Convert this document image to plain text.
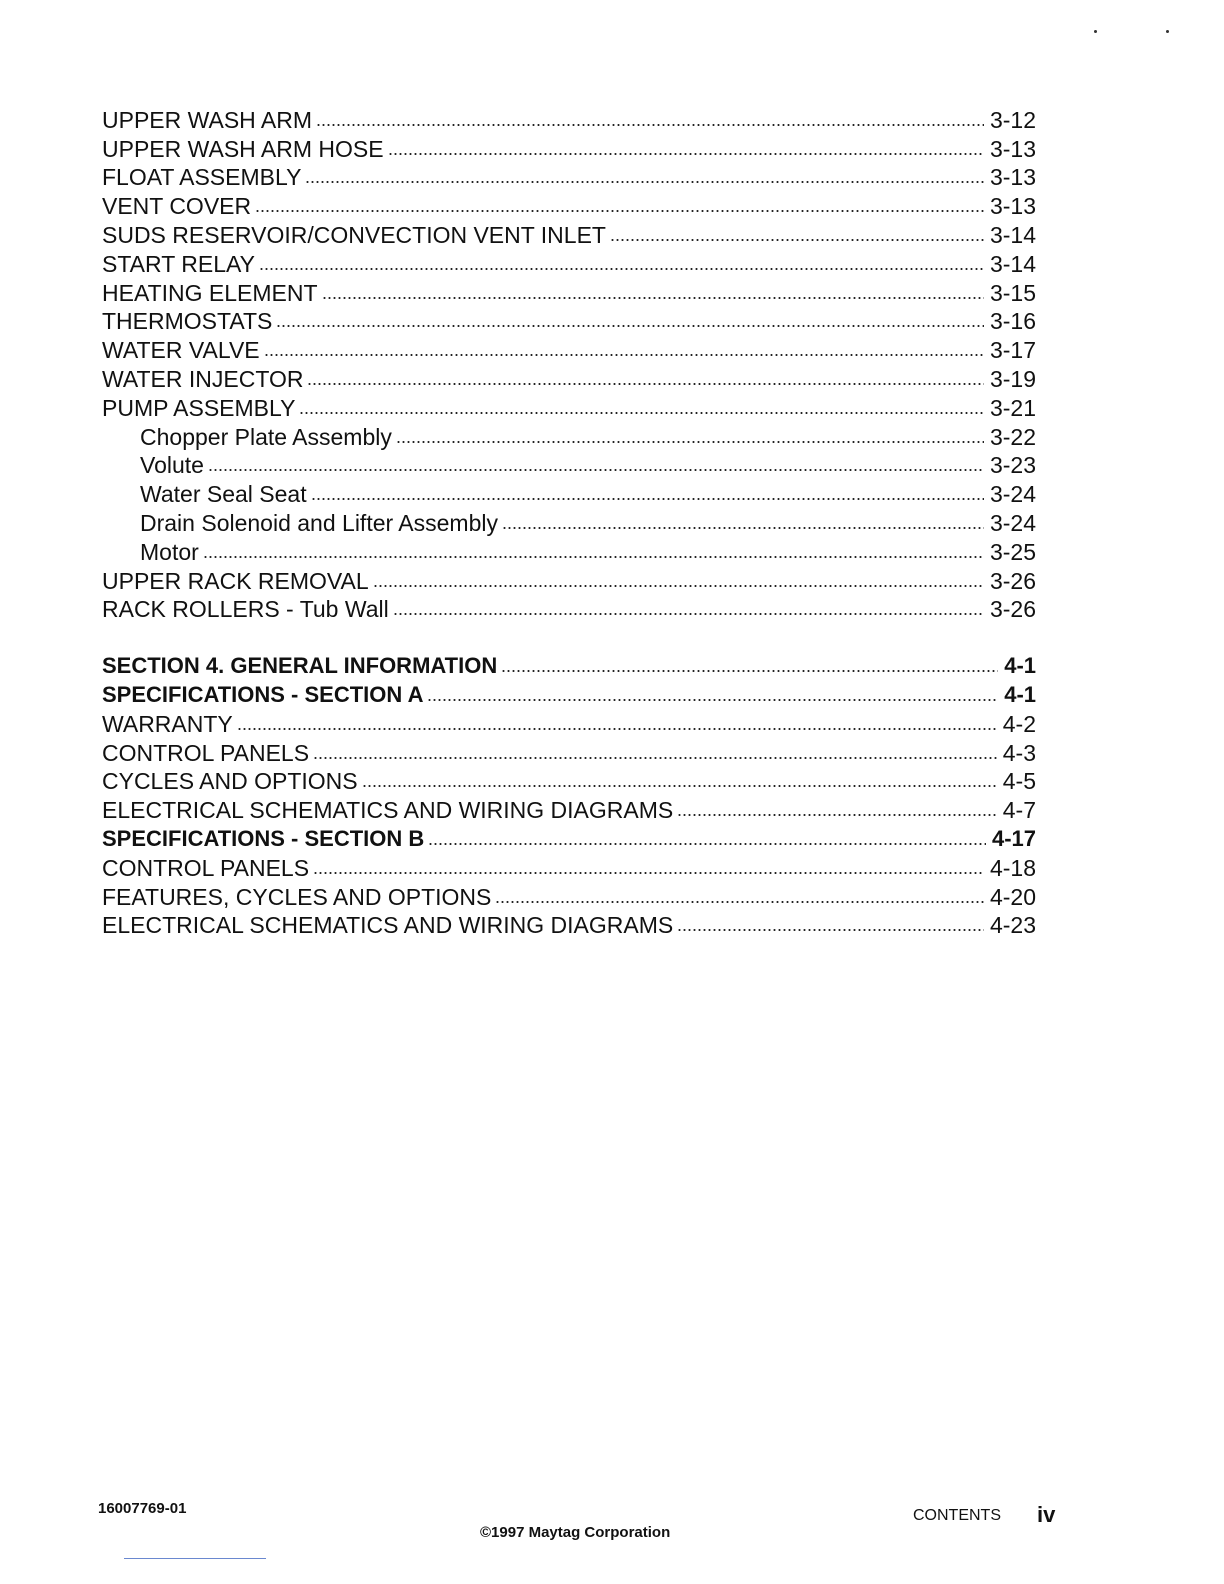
UPPER WASH ARM	3-12
UPPER WASH ARM HOSE	3-13
FLOAT ASSEMBLY	3-13
VENT COVER	3-13
SUDS RESERVOIR/CONVECTION VENT INLET	3-14
START RELAY	3-14
HEATING ELEMENT	3-15
THERMOSTATS	3-16
WATER VALVE	3-17
WATER INJECTOR	3-19
PUMP ASSEMBLY	3-21
Chopper Plate Assembly	3-22
Volute	3-23
Water Seal Seat	3-24
Drain Solenoid and Lifter Assembly	3-24
Motor	3-25
UPPER RACK REMOVAL	3-26
RACK ROLLERS - Tub Wall	3-26
SECTION 4. GENERAL INFORMATION	4-1
SPECIFICATIONS - SECTION A	4-1
WARRANTY	4-2
CONTROL PANELS	4-3
CYCLES AND OPTIONS	4-5
ELECTRICAL SCHEMATICS AND WIRING DIAGRAMS	4-7
SPECIFICATIONS - SECTION B	4-17
CONTROL PANELS	4-18
FEATURES, CYCLES AND OPTIONS	4-20
ELECTRICAL SCHEMATICS AND WIRING DIAGRAMS	4-23
16007769-01
©1997 Maytag Corporation
CONTENTS iv
